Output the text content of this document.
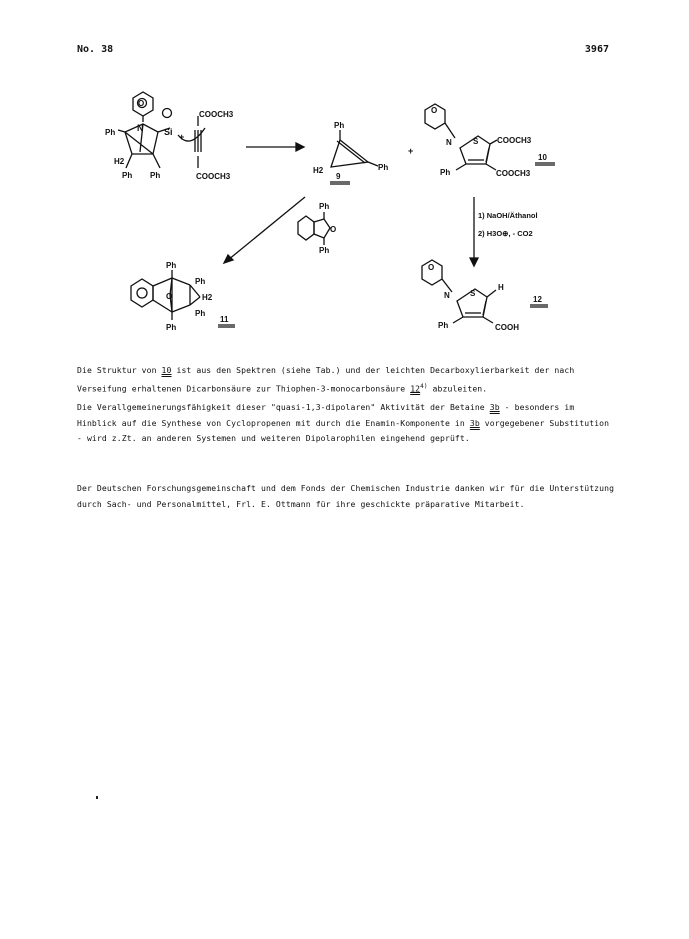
No. 38	3967
O
N Si
Ph
H2
Ph Ph
+
COOCH3
COOCH3
Ph
H2	Ph
9
+
O
N	S COOCH3
COOCH3
Ph
10
1) NaOH/Äthanol
2) H3O⊕, - CO2
Ph
O
Ph
Ph
Ph
O	H2
Ph
Ph
11
O
N	S
H
Ph	COOH
12

Die Struktur von 10 ist aus den Spektren (siehe Tab.) und der leichten Decarboxylierbarkeit der nach Verseifung erhaltenen Dicarbonsäure zur Thiophen-3-monocarbonsäure 12$^{4)}$ abzuleiten.

Die Verallgemeinerungsfähigkeit dieser "quasi-1,3-dipolaren" Aktivität der Betaine 3b - besonders im Hinblick auf die Synthese von Cyclopropenen mit durch die Enamin-Komponente in 3b vorgegebener Substitution - wird z.Zt. an anderen Systemen und weiteren Dipolarophilen eingehend geprüft.

Der Deutschen Forschungsgemeinschaft und dem Fonds der Chemischen Industrie danken wir für die Unterstützung durch Sach- und Personalmittel, Frl. E. Ottmann für ihre geschickte präparative Mitarbeit.
